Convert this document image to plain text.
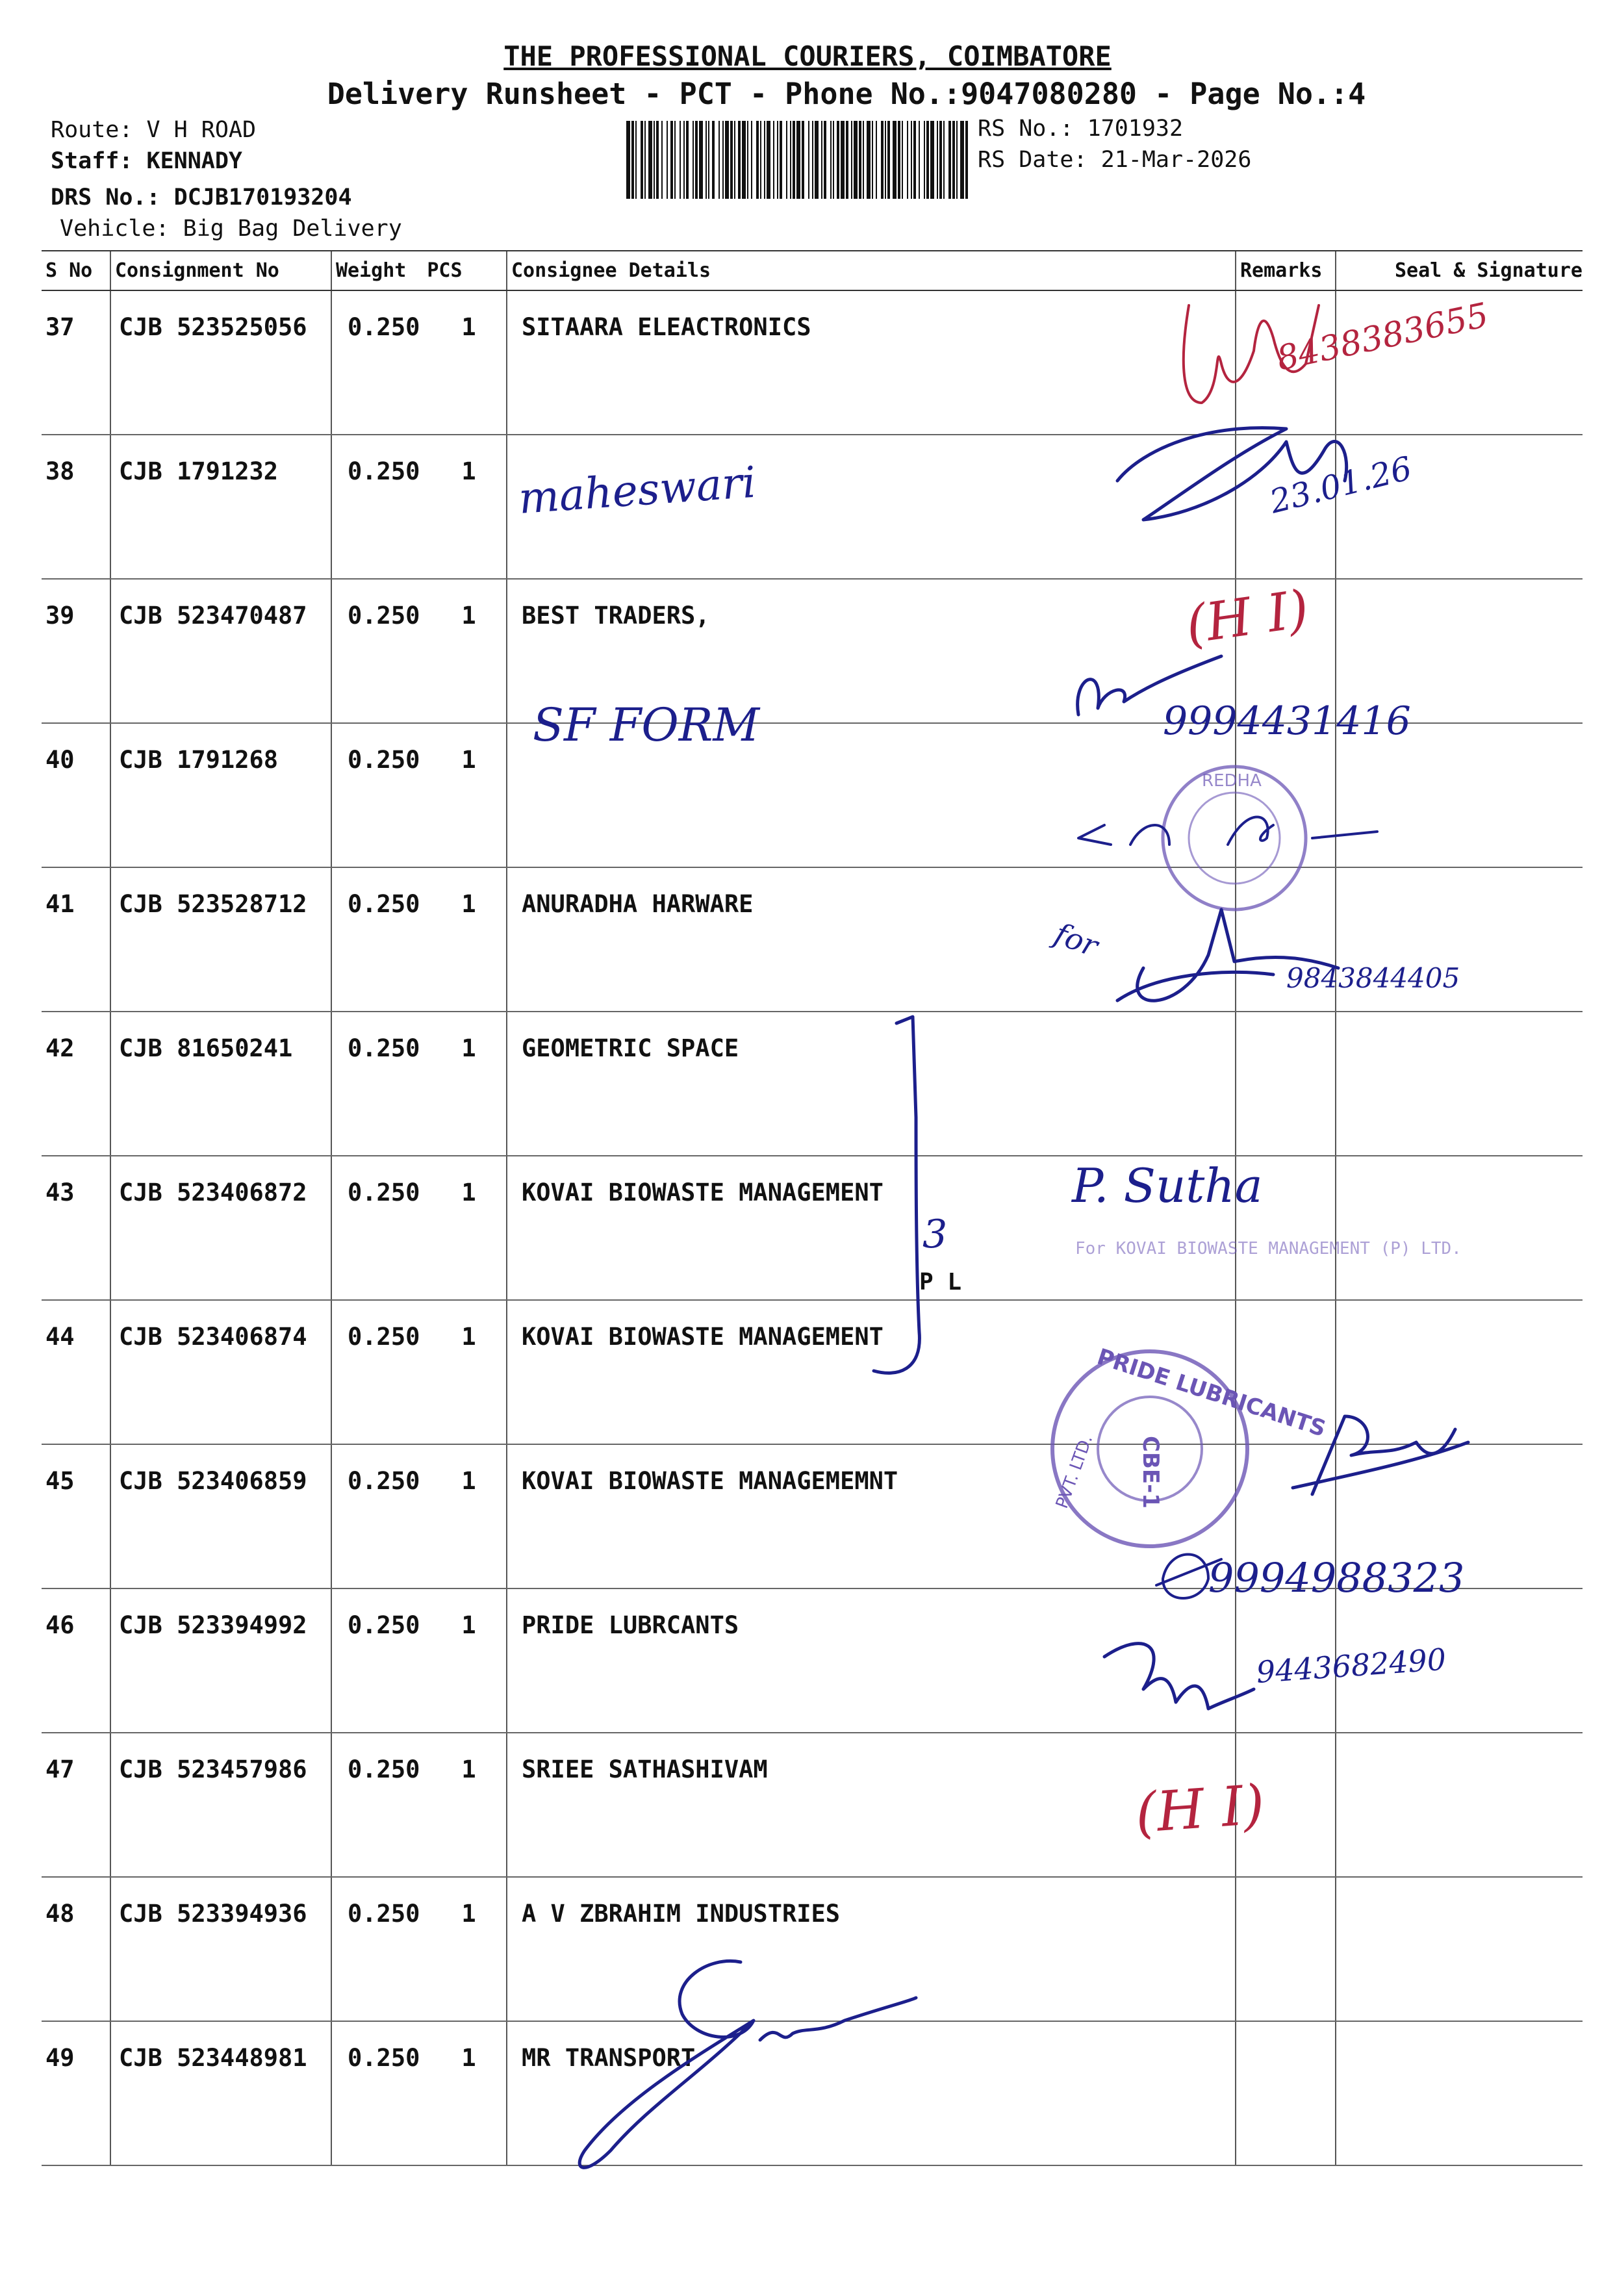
THE PROFESSIONAL COURIERS, COIMBATORE
Delivery Runsheet - PCT - Phone No.:9047080280 - Page No.:4
Route: V H ROAD
Staff: KENNADY
DRS No.: DCJB170193204
Vehicle: Big Bag Delivery
RS No.: 1701932
RS Date: 21-Mar-2026
S No	Consignment No	Weight PCS	Consignee Details	Remarks	Seal & Signature
37	CJB 523525056	0.250 1	SITAARA ELEACTRONICS		
38	CJB 1791232	0.250 1			
39	CJB 523470487	0.250 1	BEST TRADERS,		
40	CJB 1791268	0.250 1			
41	CJB 523528712	0.250 1	ANURADHA HARWARE		
42	CJB 81650241	0.250 1	GEOMETRIC SPACE		
43	CJB 523406872	0.250 1	KOVAI BIOWASTE MANAGEMENT		
44	CJB 523406874	0.250 1	KOVAI BIOWASTE MANAGEMENT		
45	CJB 523406859	0.250 1	KOVAI BIOWASTE MANAGEMEMNT		
46	CJB 523394992	0.250 1	PRIDE LUBRCANTS		
47	CJB 523457986	0.250 1	SRIEE SATHASHIVAM		
48	CJB 523394936	0.250 1	A V ZBRAHIM INDUSTRIES		
49	CJB 523448981	0.250 1	MR TRANSPORT		
8438383655
23.01.26
maheswari
(H I)
9994431416
SF FORM
REDHA
for
9843844405
3
P L
P. Sutha
For KOVAI BIOWASTE MANAGEMENT (P) LTD.
PRIDE LUBRICANTS
CBE-1
PVT. LTD.
9994988323
9443682490
(H I)
